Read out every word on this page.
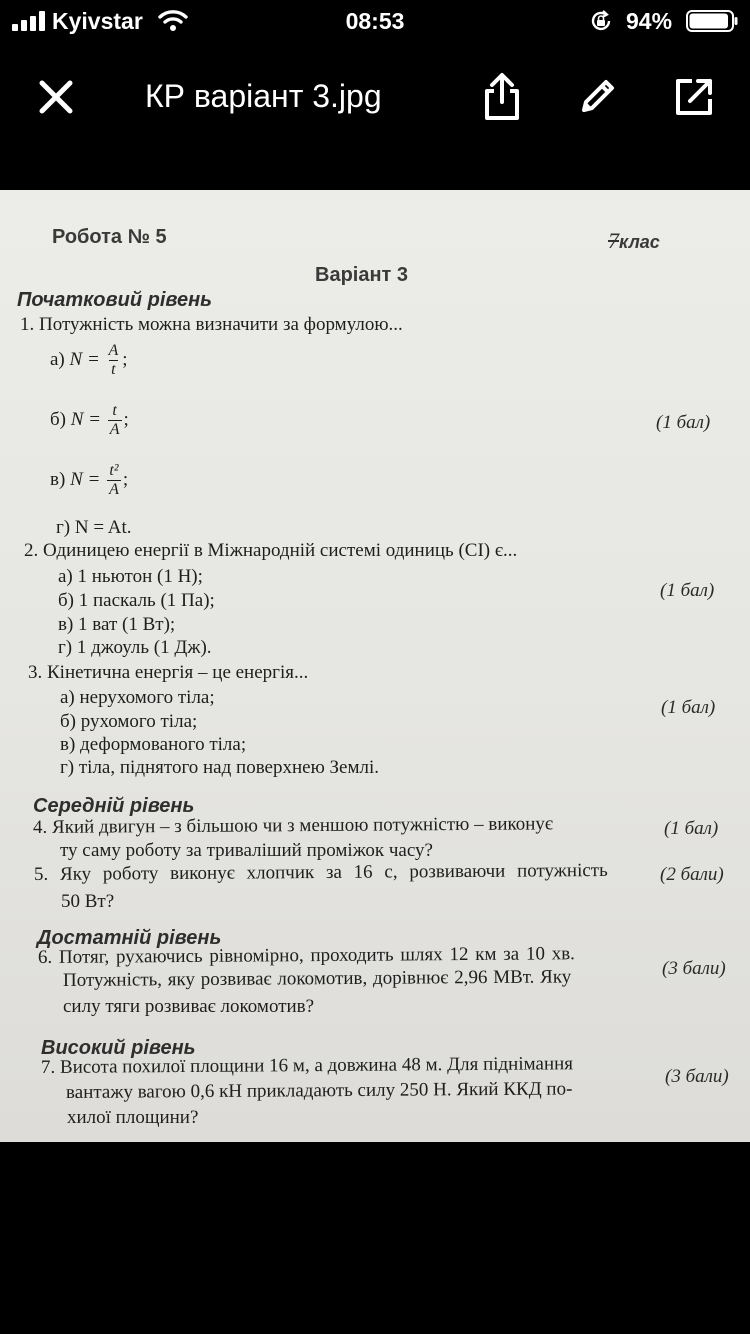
Kyivstar	08:53	94%
КР варіант 3.jpg
Робота № 5	7клас
Варіант 3
Початковий рівень
1. Потужність можна визначити за формулою...
а) $N = \frac{A}{t}$ ;
б) $N = \frac{t}{A}$ ;	(1 бал)
в) $N = \frac{\text{t²}}{A}$ ;
г) N = At.
2. Одиницею енергії в Міжнародній системі одиниць (СІ) є...
а) 1 ньютон (1 Н);
б) 1 паскаль (1 Па);	(1 бал)
в) 1 ват (1 Вт);
г) 1 джоуль (1 Дж).
3. Кінетична енергія – це енергія...
а) нерухомого тіла;
б) рухомого тіла;
(1 бал)
в) деформованого тіла;
г) тіла, піднятого над поверхнею Землі.
Середній рівень
4. Який двигун – з більшою чи з меншою потужністю – виконує
ту саму роботу за триваліший проміжок часу?
(1 бал)
5. Яку роботу виконує хлопчик за 16 с, розвиваючи потужність
50 Вт?
(2 бали)
Достатній рівень
6. Потяг, рухаючись рівномірно, проходить шлях 12 км за 10 хв.
Потужність, яку розвиває локомотив, дорівнює 2,96 МВт. Яку
силу тяги розвиває локомотив?
(3 бали)
Високий рівень
7. Висота похилої площини 16 м, а довжина 48 м. Для піднімання
вантажу вагою 0,6 кН прикладають силу 250 Н. Який ККД по-
хилої площини?
(3 бали)
